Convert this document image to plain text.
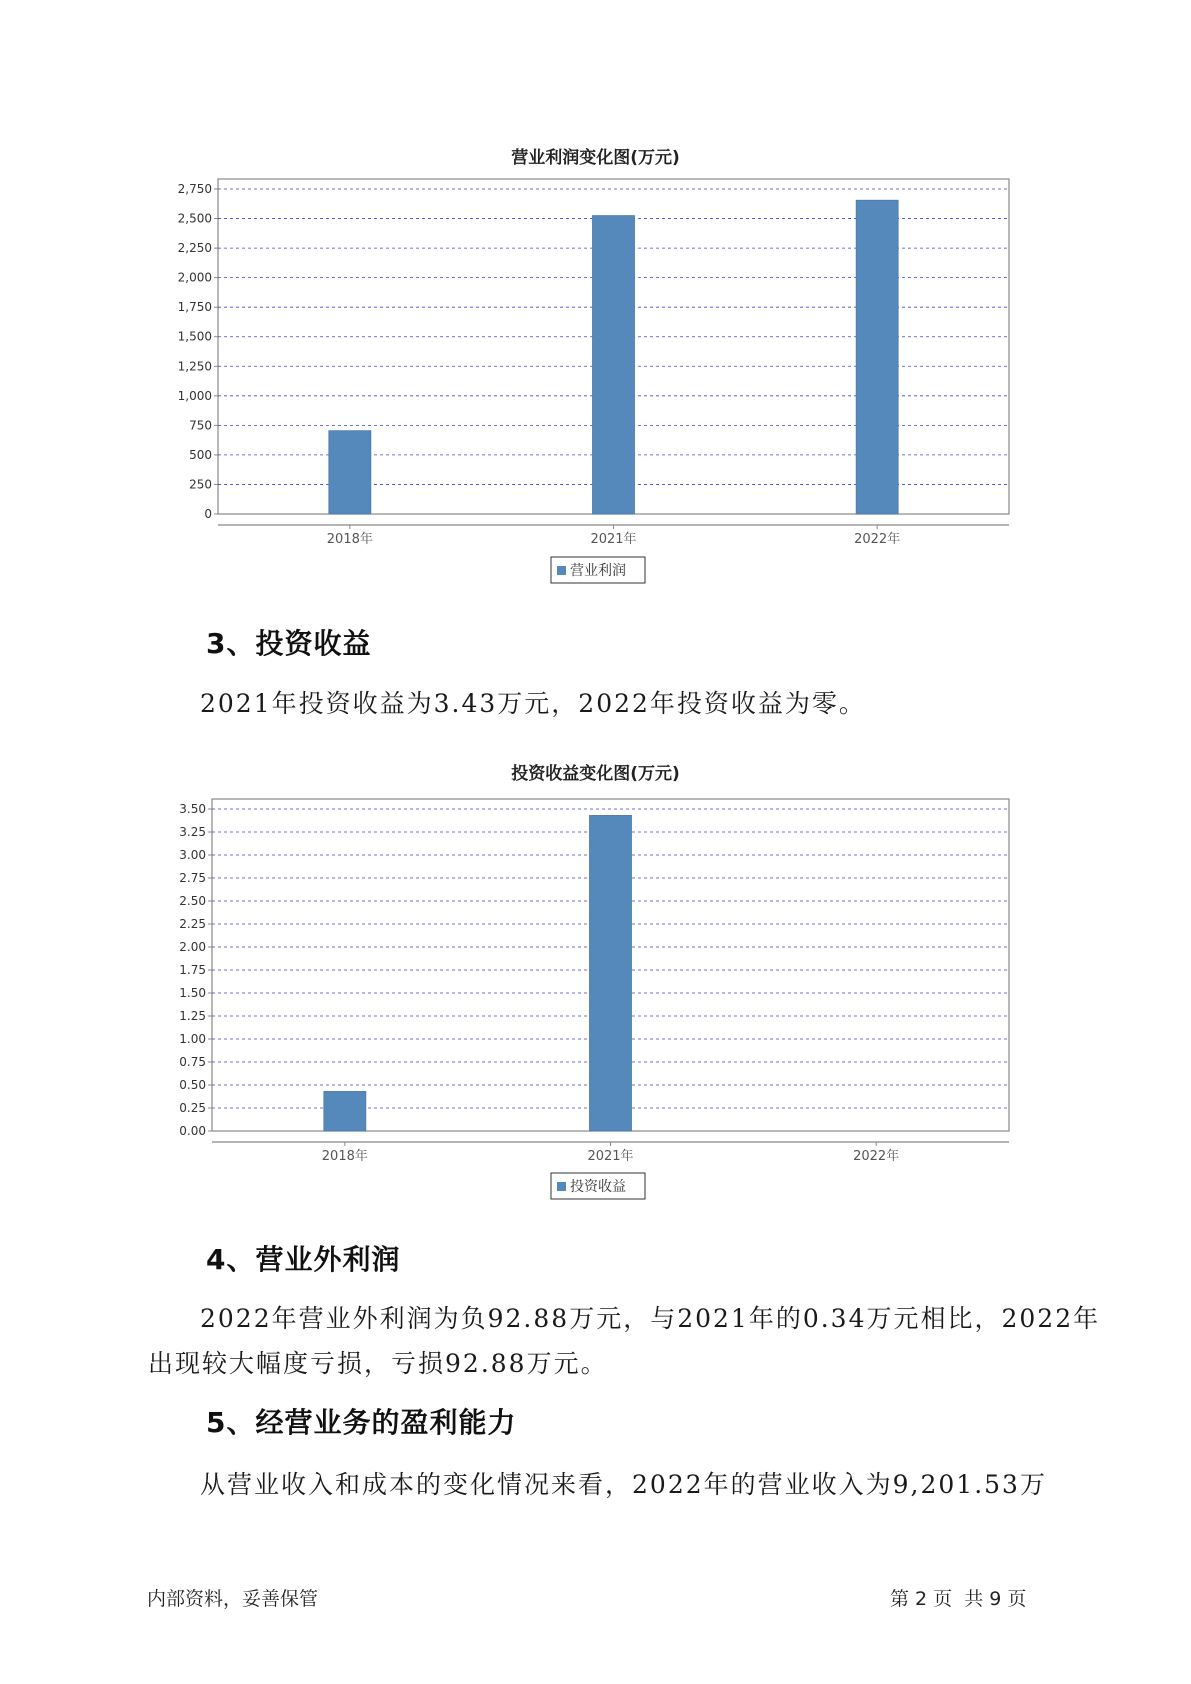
营业利润变化图(万元)
0
250
500
750
1,000
1,250
1,500
1,750
2,000
2,250
2,500
2,750
2018年	2021年	2022年
营业利润
3、投资收益
2021年投资收益为3.43万元，2022年投资收益为零。
投资收益变化图(万元)
0.00
0.25
0.50
0.75
1.00
1.25
1.50
1.75
2.00
2.25
2.50
2.75
3.00
3.25
3.50
2018年	2021年	2022年
投资收益
4、营业外利润
2022年营业外利润为负92.88万元，与2021年的0.34万元相比，2022年
出现较大幅度亏损，亏损92.88万元。
5、经营业务的盈利能力
从营业收入和成本的变化情况来看，2022年的营业收入为9,201.53万
内部资料，妥善保管	第 2 页  共 9 页
